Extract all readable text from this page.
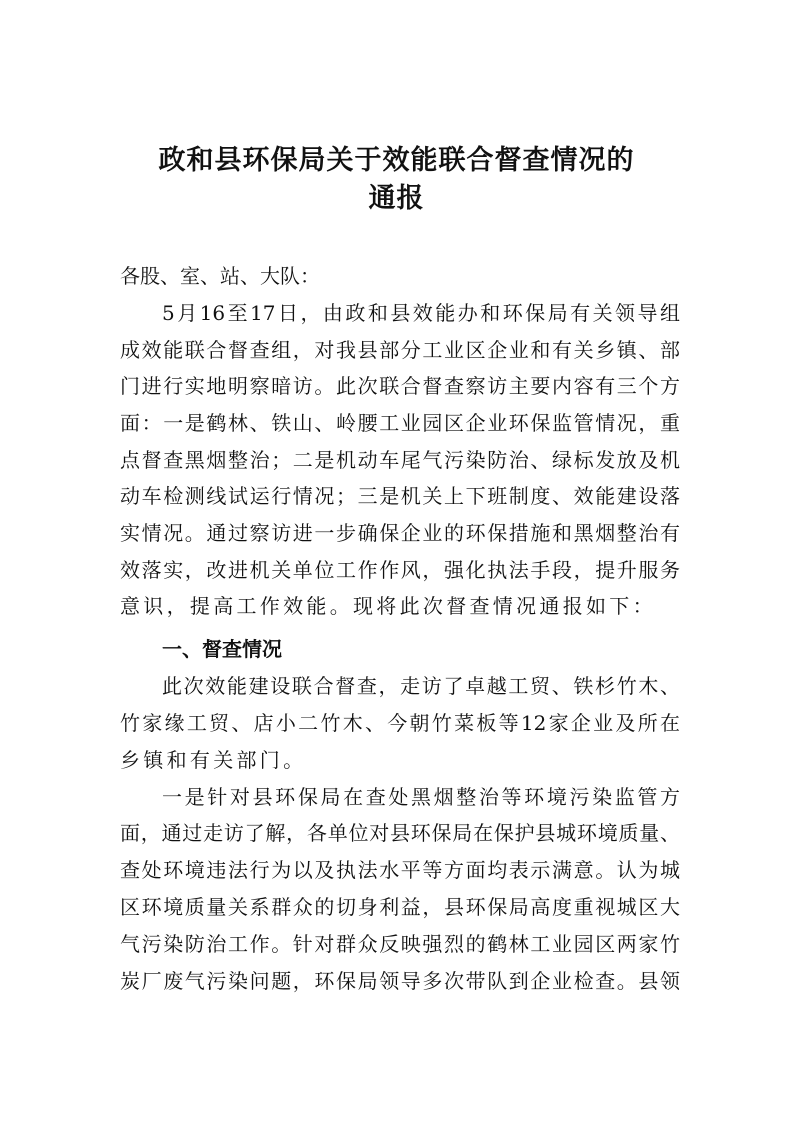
政和县环保局关于效能联合督查情况的
通报
各股、室、站、大队：
5月16至17日，由政和县效能办和环保局有关领导组
成效能联合督查组，对我县部分工业区企业和有关乡镇、部
门进行实地明察暗访。此次联合督查察访主要内容有三个方
面：一是鹤林、铁山、岭腰工业园区企业环保监管情况，重
点督查黑烟整治；二是机动车尾气污染防治、绿标发放及机
动车检测线试运行情况；三是机关上下班制度、效能建设落
实情况。通过察访进一步确保企业的环保措施和黑烟整治有
效落实，改进机关单位工作作风，强化执法手段，提升服务
意识，提高工作效能。现将此次督查情况通报如下：
一、督查情况
此次效能建设联合督查，走访了卓越工贸、铁杉竹木、
竹家缘工贸、店小二竹木、今朝竹菜板等12家企业及所在
乡镇和有关部门。
一是针对县环保局在查处黑烟整治等环境污染监管方
面，通过走访了解，各单位对县环保局在保护县城环境质量、
查处环境违法行为以及执法水平等方面均表示满意。认为城
区环境质量关系群众的切身利益，县环保局高度重视城区大
气污染防治工作。针对群众反映强烈的鹤林工业园区两家竹
炭厂废气污染问题，环保局领导多次带队到企业检查。县领
